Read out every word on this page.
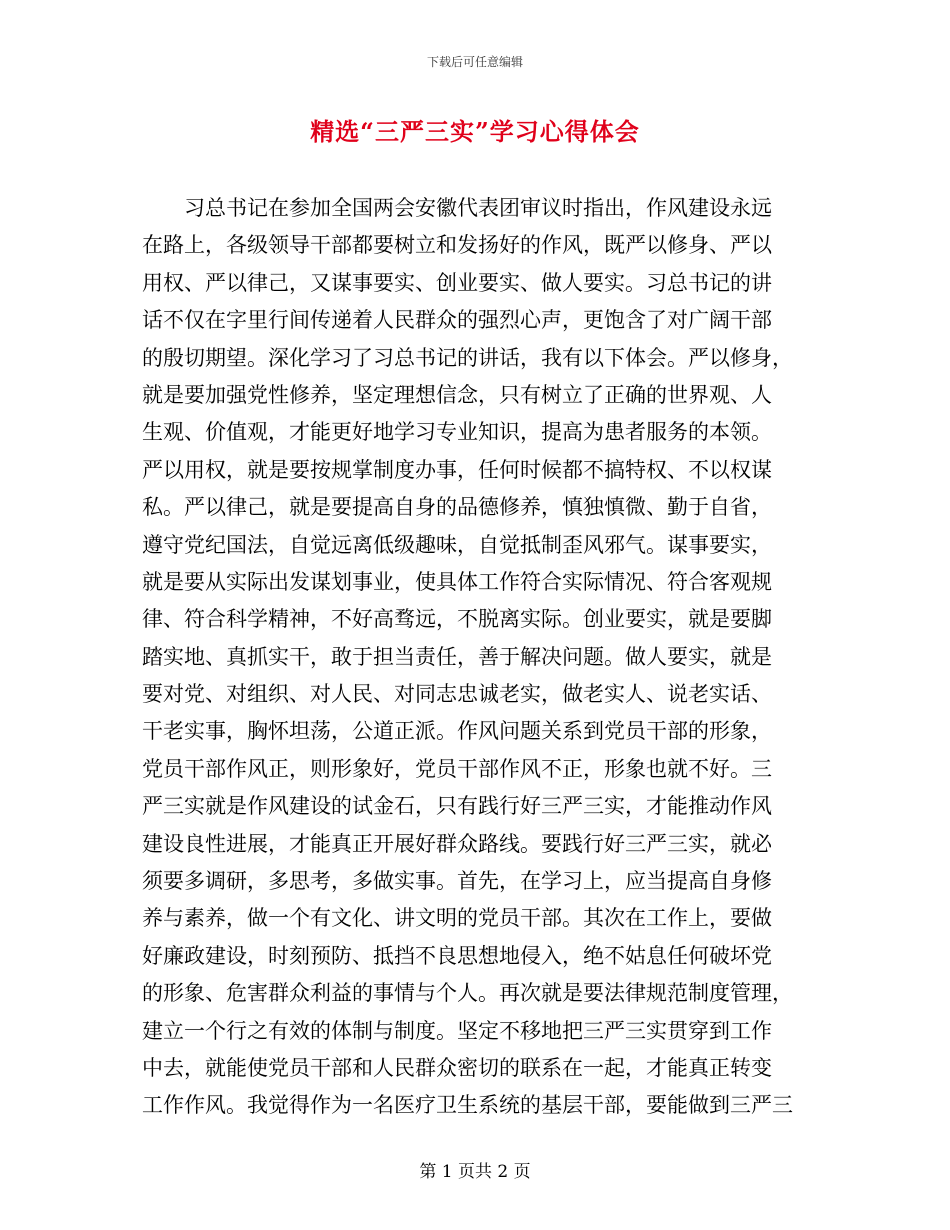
下载后可任意编辑
精选“三严三实”学习心得体会
　　习总书记在参加全国两会安徽代表团审议时指出，作风建设永远
在路上，各级领导干部都要树立和发扬好的作风，既严以修身、严以
用权、严以律己，又谋事要实、创业要实、做人要实。习总书记的讲
话不仅在字里行间传递着人民群众的强烈心声，更饱含了对广阔干部
的殷切期望。深化学习了习总书记的讲话，我有以下体会。严以修身，
就是要加强党性修养，坚定理想信念，只有树立了正确的世界观、人
生观、价值观，才能更好地学习专业知识，提高为患者服务的本领。
严以用权，就是要按规掌制度办事，任何时候都不搞特权、不以权谋
私。严以律己，就是要提高自身的品德修养，慎独慎微、勤于自省，
遵守党纪国法，自觉远离低级趣味，自觉抵制歪风邪气。谋事要实，
就是要从实际出发谋划事业，使具体工作符合实际情况、符合客观规
律、符合科学精神，不好高骛远，不脱离实际。创业要实，就是要脚
踏实地、真抓实干，敢于担当责任，善于解决问题。做人要实，就是
要对党、对组织、对人民、对同志忠诚老实，做老实人、说老实话、
干老实事，胸怀坦荡，公道正派。作风问题关系到党员干部的形象，
党员干部作风正，则形象好，党员干部作风不正，形象也就不好。三
严三实就是作风建设的试金石，只有践行好三严三实，才能推动作风
建设良性进展，才能真正开展好群众路线。要践行好三严三实，就必
须要多调研，多思考，多做实事。首先，在学习上，应当提高自身修
养与素养，做一个有文化、讲文明的党员干部。其次在工作上，要做
好廉政建设，时刻预防、抵挡不良思想地侵入，绝不姑息任何破坏党
的形象、危害群众利益的事情与个人。再次就是要法律规范制度管理，
建立一个行之有效的体制与制度。坚定不移地把三严三实贯穿到工作
中去，就能使党员干部和人民群众密切的联系在一起，才能真正转变
工作作风。我觉得作为一名医疗卫生系统的基层干部，要能做到三严三
第 1 页共 2 页
